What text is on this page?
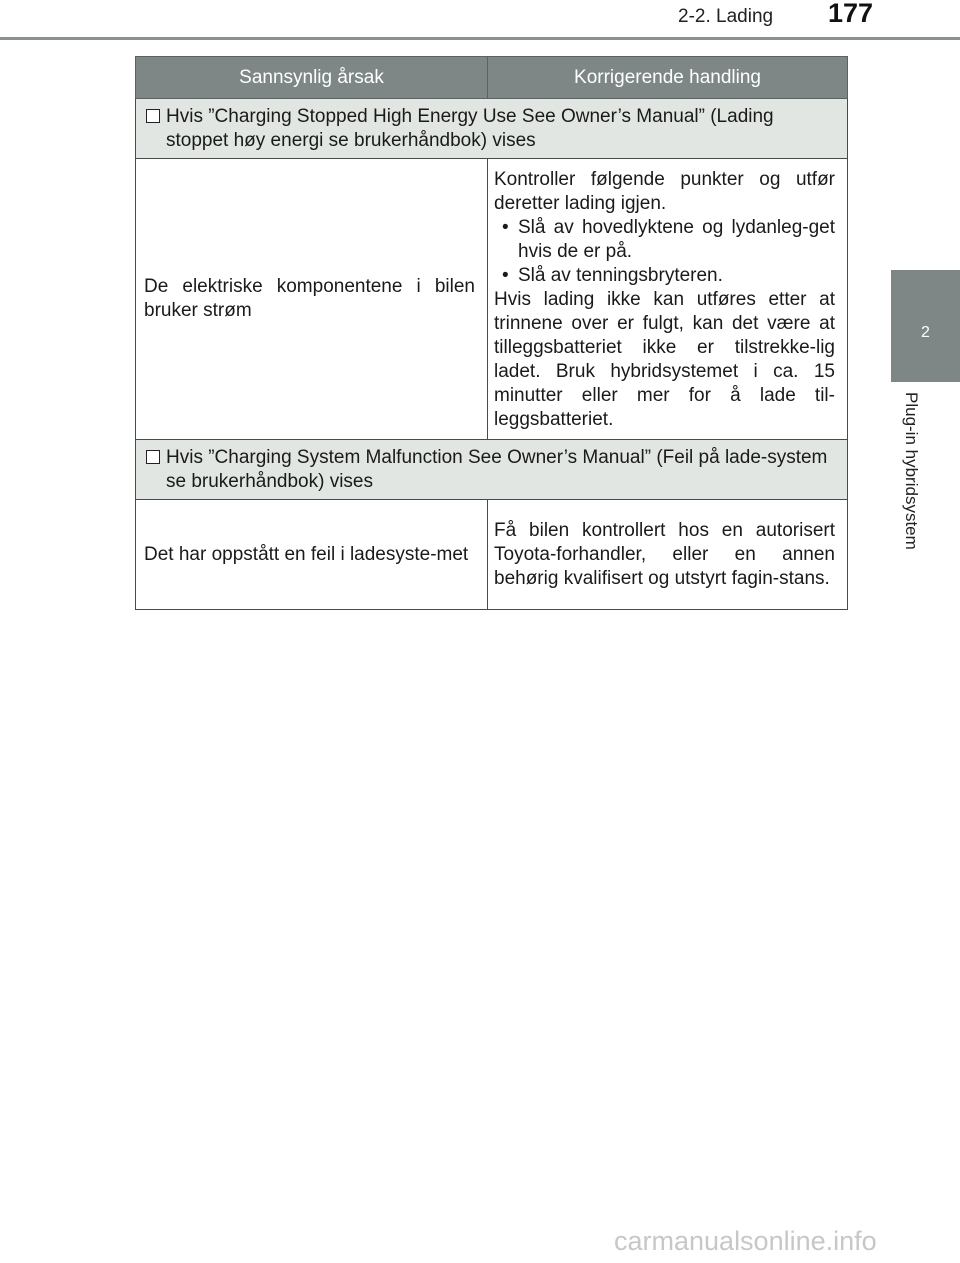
2-2. Lading 177
2
Plug-in hybridsystem
Sannsynlig årsak	Korrigerende handling

Hvis ”Charging Stopped High Energy Use See Owner’s Manual” (Lading stoppet høy energi se brukerhåndbok) vises	
De elektriske komponentene i bilen bruker strøm	Kontroller følgende punkter og utfør deretter lading igjen.

• Slå av hovedlyktene og lydanleg-get hvis de er på.

• Slå av tenningsbryteren.

Hvis lading ikke kan utføres etter at trinnene over er fulgt, kan det være at tilleggsbatteriet ikke er tilstrekke-lig ladet. Bruk hybridsystemet i ca. 15 minutter eller mer for å lade til-leggsbatteriet.

Hvis ”Charging System Malfunction See Owner’s Manual” (Feil på lade-system se brukerhåndbok) vises	
Det har oppstått en feil i ladesyste-met	Få bilen kontrollert hos en autorisert Toyota-forhandler, eller en annen behørig kvalifisert og utstyrt fagin-stans.

carmanualsonline.info
